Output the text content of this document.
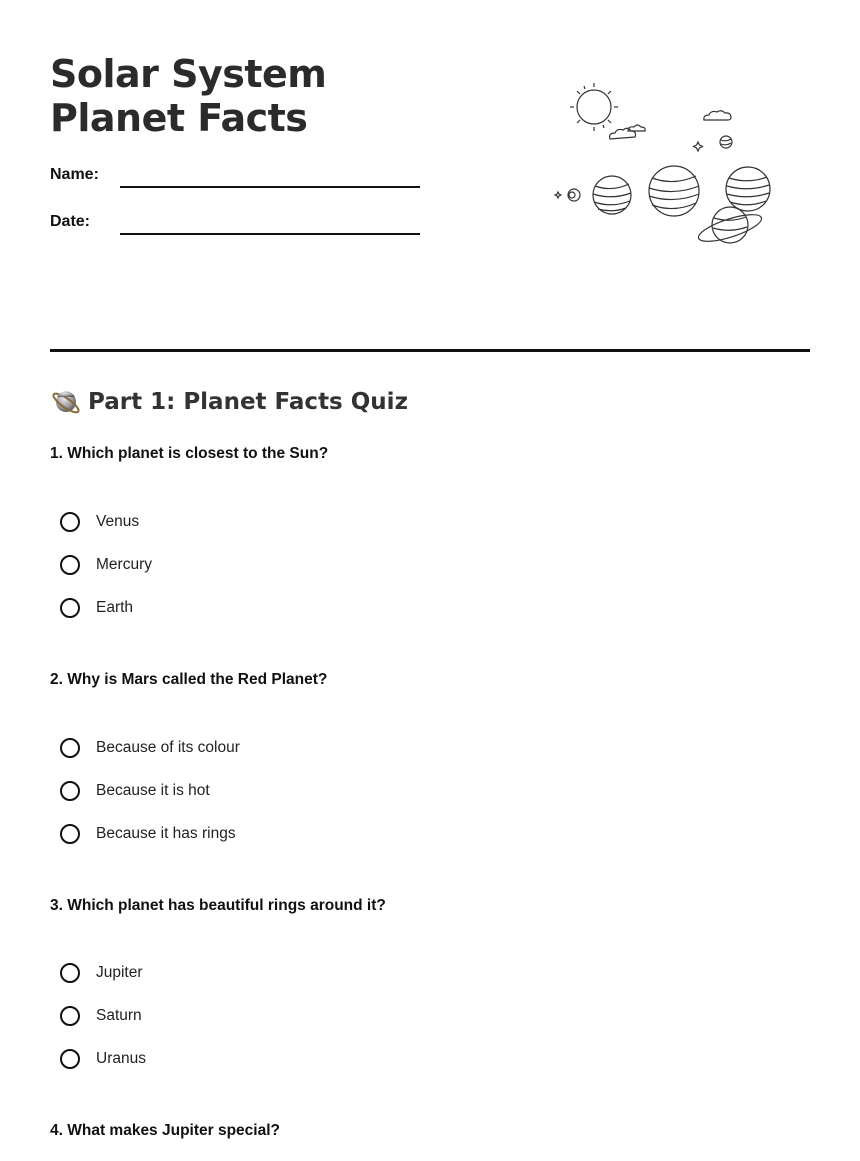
Solar System Planet Facts
Name:
Date:
Part 1: Planet Facts Quiz

1. Which planet is closest to the Sun?

Venus
Mercury
Earth

2. Why is Mars called the Red Planet?

Because of its colour
Because it is hot
Because it has rings

3. Which planet has beautiful rings around it?

Jupiter
Saturn
Uranus

4. What makes Jupiter special?
